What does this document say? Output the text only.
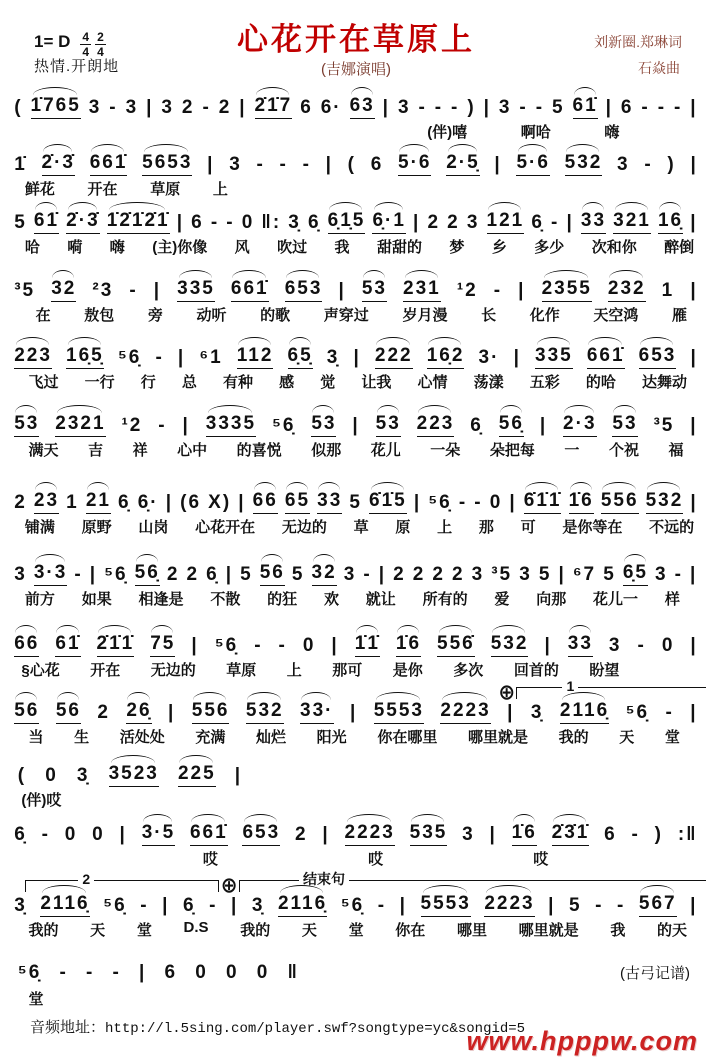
1= D $\frac{4}{4} \frac{2}{4}$
热情.开朗地
心花开在草原上
(吉娜演唱)
刘新圈.郑琳词
石焱曲
( 1̇765 3 - 3 | 3 2 - 2 | 2̇1̇7 6 6· 63 | 3 - - - ) | 3 - - 5 61̇ | 6 - - - |
(伴)嘻	啊哈	嗨
1̇ 2̇·3̇ 661̇ 5653 | 3 - - - | ( 6 5·6 2·5̣ | 5·6 532 3 - ) |
鲜花 开在 草原 上
5 61̇ 2̇·3̇ 1̇2̇1̇2̇1̇ | 6 - - 0 ‖: 3̣ 6̣ 6̣1̣5 6̣·1 | 2 2 3 121 6̣ - | 33 321 16̣ |
哈 嗬 嗨 (主)你像 风 吹过 我 甜甜的 梦 乡 多少 次和你 醉倒
³5 32 ²3 - | 335 661̇ 653 | 53 231 ¹2 - | 2355 232 1 |
在 敖包 旁 动听 的歌 声穿过 岁月漫 长 化作 天空鸿 雁
223 16̣5̣ ⁵6̣ - | ⁶1 112 6̣5̣ 3̣ | 222 16̣2 3· | 335 661̇ 653 |
飞过 一行 行 总 有种 感 觉 让我 心情 荡漾 五彩 的哈 达舞动
53 2321 ¹2 - | 3335 ⁵6̣ 53 | 53 223 6̣ 56̣ | 2·3 53 ³5 |
满天 吉 祥 心中 的喜悦 似那 花儿 一朵 朵把每 一 个祝 福
2 23 1 21 6̣ 6̣· | (6 X) | 66 65 33 5 6̇1̇5 | ⁵6̣ - - 0 | 6̇1̇1̇ 1̇6 556 532 |
铺满 原野 山岗 心花开在 无边的 草 原 上 那 可 是你等在 不远的
3 3·3 - | ⁵6̣ 56̣ 2 2 6̣ | 5 56 5 32 3 - | 2 2 2 2 3 ³5 3 5 | ⁶7 5 6̣5 3 - |
前方 如果 相逢是 不散 的狂 欢 就让 所有的 爱 向那 花儿一 样
66 61̇ 2̇1̇1̇ 75 | ⁵6̣ - - 0 | 1̇1̇ 1̇6 556̇ 532 | 33 3 - 0 |
§心花 开在 无边的 草原 上 那可 是你 多次 回首的 盼望
⊕	1
56 56 2 26̣ | 556 532 33· | 5553 2223 | 3̣ 2116̣ ⁵6̣ - |
当 生 活处处 充满 灿烂 阳光 你在哪里 哪里就是 我的 天 堂
( 0 3̣ 3523 225 |
(伴)哎
6̣ - 0 0 | 3·5 661̇ 653 2 | 2223 535 3 | 1̇6 2̇3̇1̇ 6 - ) :‖
哎	哎	哎
2	⊕	结束句
3̣ 2116̣ ⁵6̣ - | 6̣ - | 3̣ 2116̣ ⁵6̣ - | 5553 2223 | 5 - - 567 |
我的 天 堂 D.S 我的 天 堂 你在 哪里 哪里就是 我 的天
⁵6̣ - - - | 6 0 0 0 ‖
堂
(古弓记谱)
音频地址：http://l.5sing.com/player.swf?songtype=yc&songid=5
www.hpppw.com
